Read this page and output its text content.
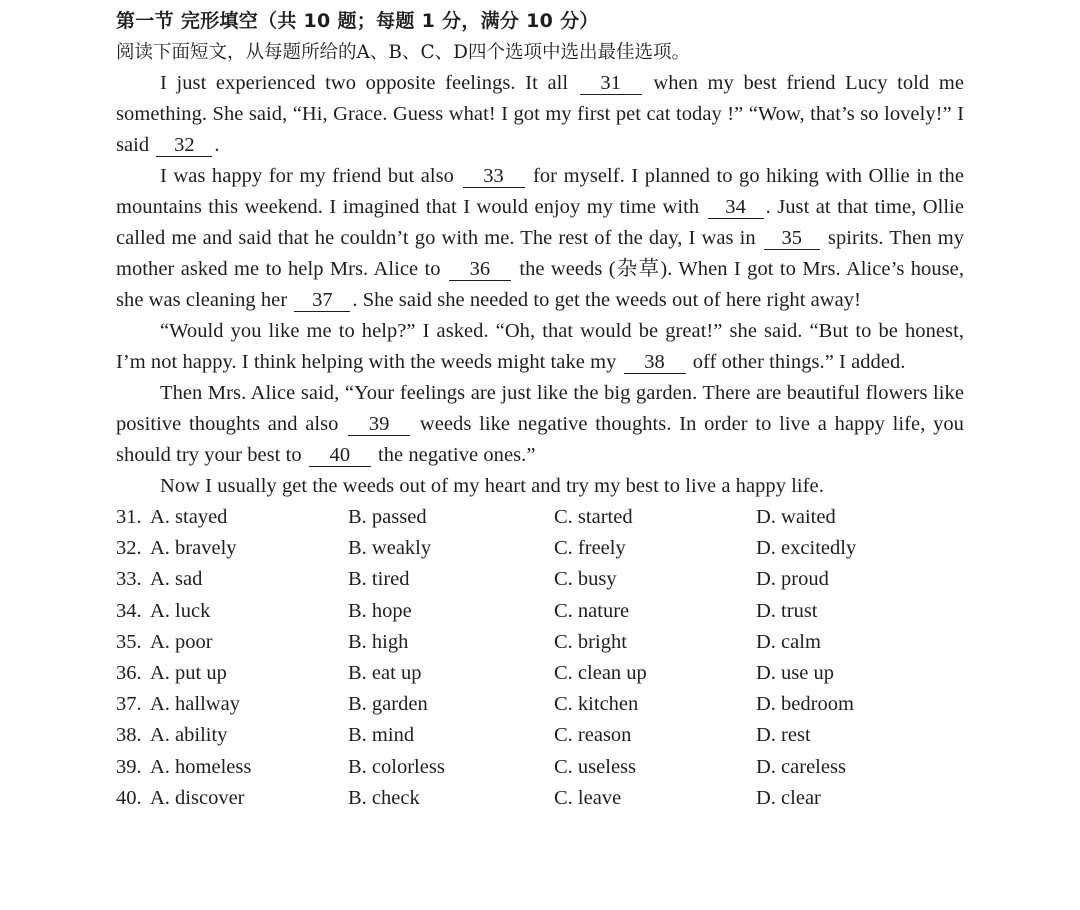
第一节 完形填空（共 10 题；每题 1 分，满分 10 分）
阅读下面短文，从每题所给的A、B、C、D四个选项中选出最佳选项。

I just experienced two opposite feelings. It all 31 when my best friend Lucy told me something. She said, “Hi, Grace. Guess what! I got my first pet cat today !” “Wow, that’s so lovely!” I said 32 .

I was happy for my friend but also 33 for myself. I planned to go hiking with Ollie in the mountains this weekend. I imagined that I would enjoy my time with 34 . Just at that time, Ollie called me and said that he couldn’t go with me. The rest of the day, I was in 35 spirits. Then my mother asked me to help Mrs. Alice to 36 the weeds (杂草). When I got to Mrs. Alice’s house, she was cleaning her 37 . She said she needed to get the weeds out of here right away!

“Would you like me to help?” I asked. “Oh, that would be great!” she said. “But to be honest, I’m not happy. I think helping with the weeds might take my 38 off other things.” I added.

Then Mrs. Alice said, “Your feelings are just like the big garden. There are beautiful flowers like positive thoughts and also 39 weeds like negative thoughts. In order to live a happy life, you should try your best to 40 the negative ones.”

Now I usually get the weeds out of my heart and try my best to live a happy life.

31. A. stayed	B. passed	C. started	D. waited
32. A. bravely	B. weakly	C. freely	D. excitedly
33. A. sad	B. tired	C. busy	D. proud
34. A. luck	B. hope	C. nature	D. trust
35. A. poor	B. high	C. bright	D. calm
36. A. put up	B. eat up	C. clean up	D. use up
37. A. hallway	B. garden	C. kitchen	D. bedroom
38. A. ability	B. mind	C. reason	D. rest
39. A. homeless	B. colorless	C. useless	D. careless
40. A. discover	B. check	C. leave	D. clear
